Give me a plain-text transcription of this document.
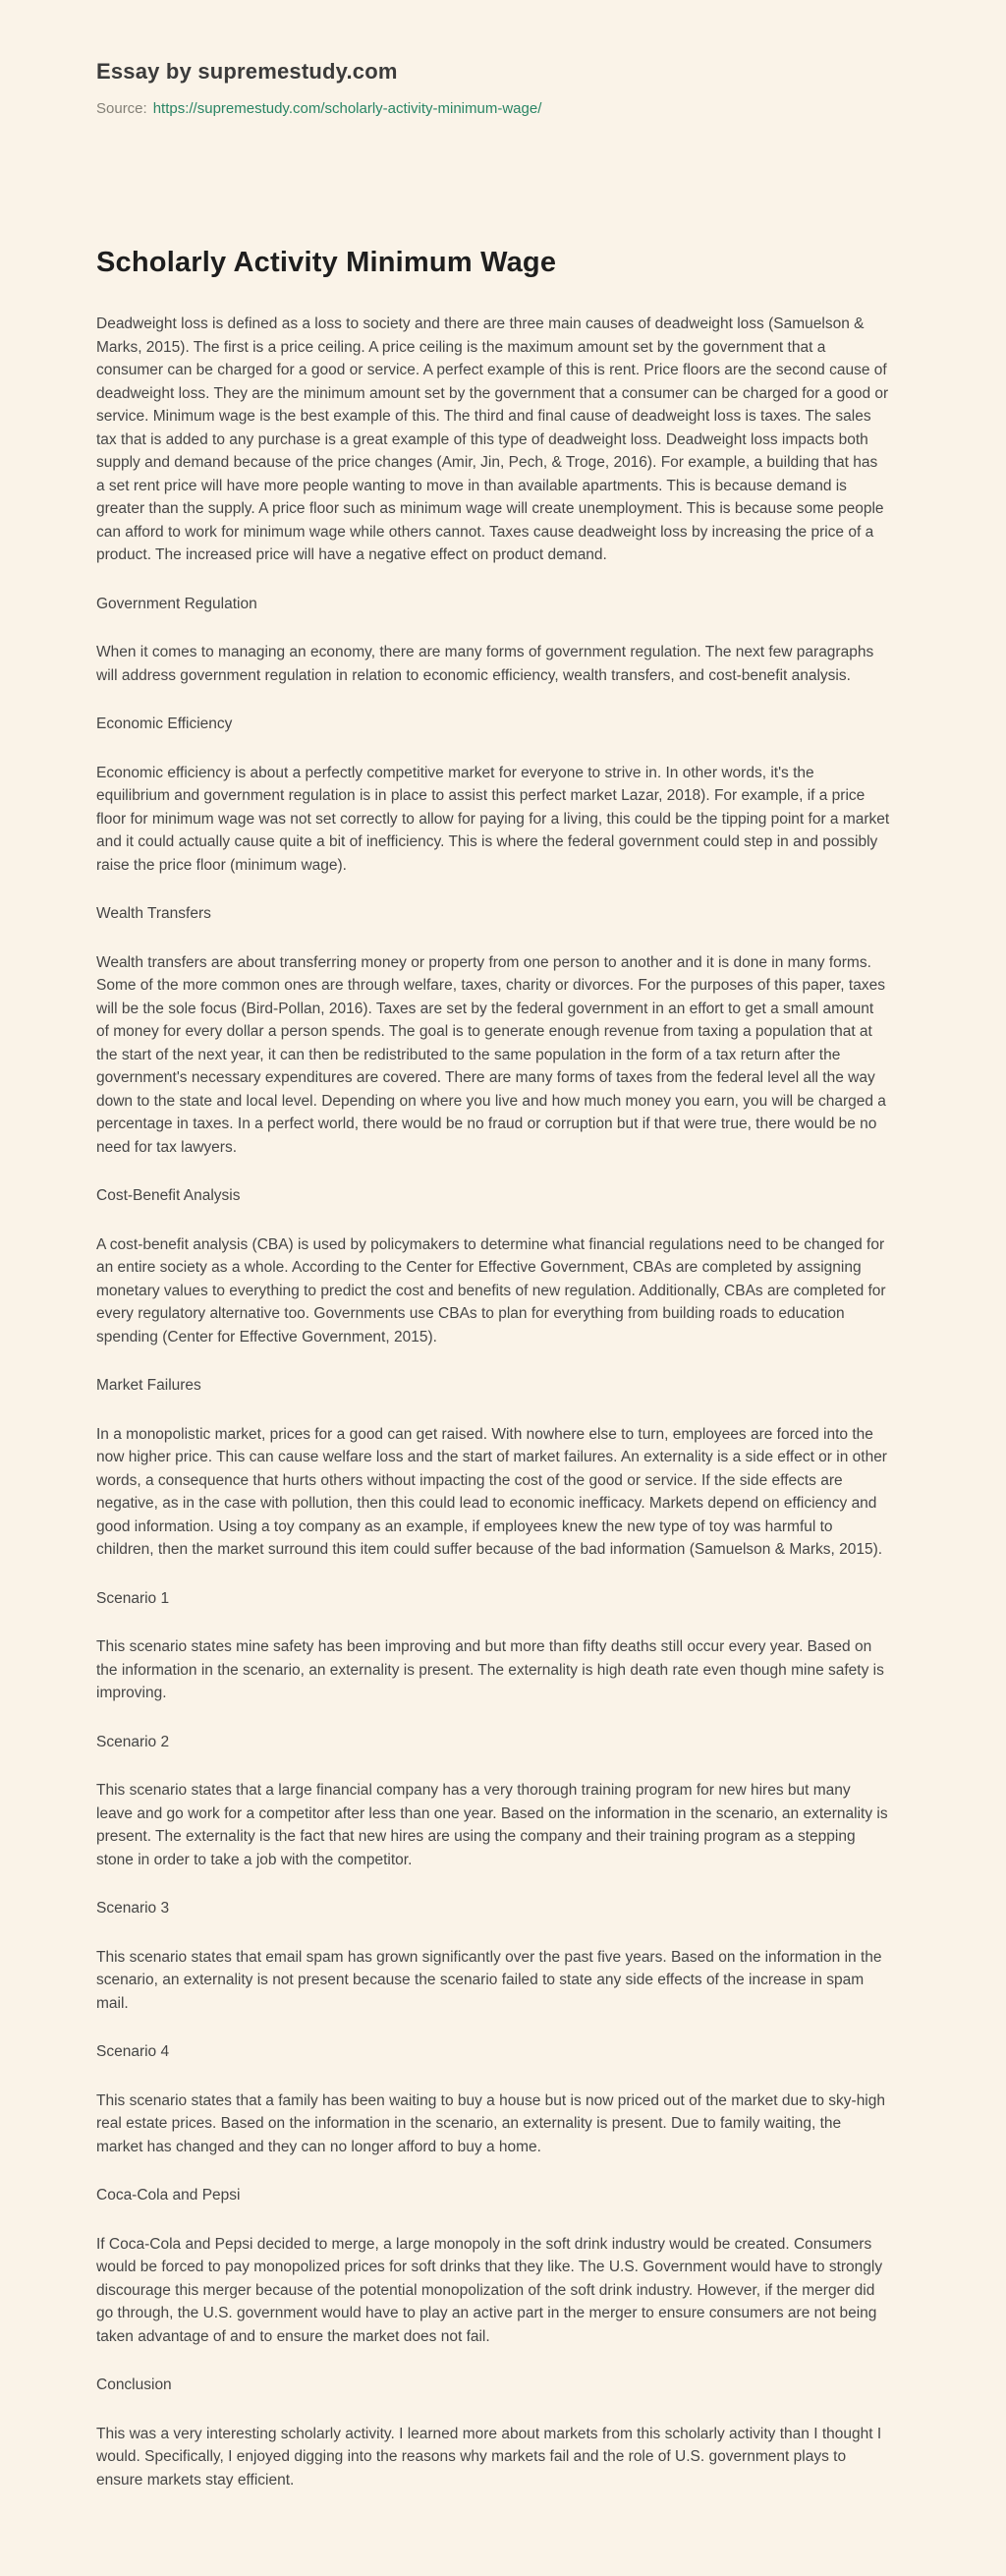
Essay by supremestudy.com

Source: https://supremestudy.com/scholarly-activity-minimum-wage/

Scholarly Activity Minimum Wage

Deadweight loss is defined as a loss to society and there are three main causes of deadweight loss (Samuelson & Marks, 2015). The first is a price ceiling. A price ceiling is the maximum amount set by the government that a consumer can be charged for a good or service. A perfect example of this is rent. Price floors are the second cause of deadweight loss. They are the minimum amount set by the government that a consumer can be charged for a good or service. Minimum wage is the best example of this. The third and final cause of deadweight loss is taxes. The sales tax that is added to any purchase is a great example of this type of deadweight loss. Deadweight loss impacts both supply and demand because of the price changes (Amir, Jin, Pech, & Troge, 2016). For example, a building that has a set rent price will have more people wanting to move in than available apartments. This is because demand is greater than the supply. A price floor such as minimum wage will create unemployment. This is because some people can afford to work for minimum wage while others cannot. Taxes cause deadweight loss by increasing the price of a product. The increased price will have a negative effect on product demand.

Government Regulation

When it comes to managing an economy, there are many forms of government regulation. The next few paragraphs will address government regulation in relation to economic efficiency, wealth transfers, and cost-benefit analysis.

Economic Efficiency

Economic efficiency is about a perfectly competitive market for everyone to strive in. In other words, it's the equilibrium and government regulation is in place to assist this perfect market Lazar, 2018). For example, if a price floor for minimum wage was not set correctly to allow for paying for a living, this could be the tipping point for a market and it could actually cause quite a bit of inefficiency. This is where the federal government could step in and possibly raise the price floor (minimum wage).

Wealth Transfers

Wealth transfers are about transferring money or property from one person to another and it is done in many forms. Some of the more common ones are through welfare, taxes, charity or divorces. For the purposes of this paper, taxes will be the sole focus (Bird-Pollan, 2016). Taxes are set by the federal government in an effort to get a small amount of money for every dollar a person spends. The goal is to generate enough revenue from taxing a population that at the start of the next year, it can then be redistributed to the same population in the form of a tax return after the government's necessary expenditures are covered. There are many forms of taxes from the federal level all the way down to the state and local level. Depending on where you live and how much money you earn, you will be charged a percentage in taxes. In a perfect world, there would be no fraud or corruption but if that were true, there would be no need for tax lawyers.

Cost-Benefit Analysis

A cost-benefit analysis (CBA) is used by policymakers to determine what financial regulations need to be changed for an entire society as a whole. According to the Center for Effective Government, CBAs are completed by assigning monetary values to everything to predict the cost and benefits of new regulation. Additionally, CBAs are completed for every regulatory alternative too. Governments use CBAs to plan for everything from building roads to education spending (Center for Effective Government, 2015).

Market Failures

In a monopolistic market, prices for a good can get raised. With nowhere else to turn, employees are forced into the now higher price. This can cause welfare loss and the start of market failures. An externality is a side effect or in other words, a consequence that hurts others without impacting the cost of the good or service. If the side effects are negative, as in the case with pollution, then this could lead to economic inefficacy. Markets depend on efficiency and good information. Using a toy company as an example, if employees knew the new type of toy was harmful to children, then the market surround this item could suffer because of the bad information (Samuelson & Marks, 2015).

Scenario 1

This scenario states mine safety has been improving and but more than fifty deaths still occur every year. Based on the information in the scenario, an externality is present. The externality is high death rate even though mine safety is improving.

Scenario 2

This scenario states that a large financial company has a very thorough training program for new hires but many leave and go work for a competitor after less than one year. Based on the information in the scenario, an externality is present. The externality is the fact that new hires are using the company and their training program as a stepping stone in order to take a job with the competitor.

Scenario 3

This scenario states that email spam has grown significantly over the past five years. Based on the information in the scenario, an externality is not present because the scenario failed to state any side effects of the increase in spam mail.

Scenario 4

This scenario states that a family has been waiting to buy a house but is now priced out of the market due to sky-high real estate prices. Based on the information in the scenario, an externality is present. Due to family waiting, the market has changed and they can no longer afford to buy a home.

Coca-Cola and Pepsi

If Coca-Cola and Pepsi decided to merge, a large monopoly in the soft drink industry would be created. Consumers would be forced to pay monopolized prices for soft drinks that they like. The U.S. Government would have to strongly discourage this merger because of the potential monopolization of the soft drink industry. However, if the merger did go through, the U.S. government would have to play an active part in the merger to ensure consumers are not being taken advantage of and to ensure the market does not fail.

Conclusion

This was a very interesting scholarly activity. I learned more about markets from this scholarly activity than I thought I would. Specifically, I enjoyed digging into the reasons why markets fail and the role of U.S. government plays to ensure markets stay efficient.
